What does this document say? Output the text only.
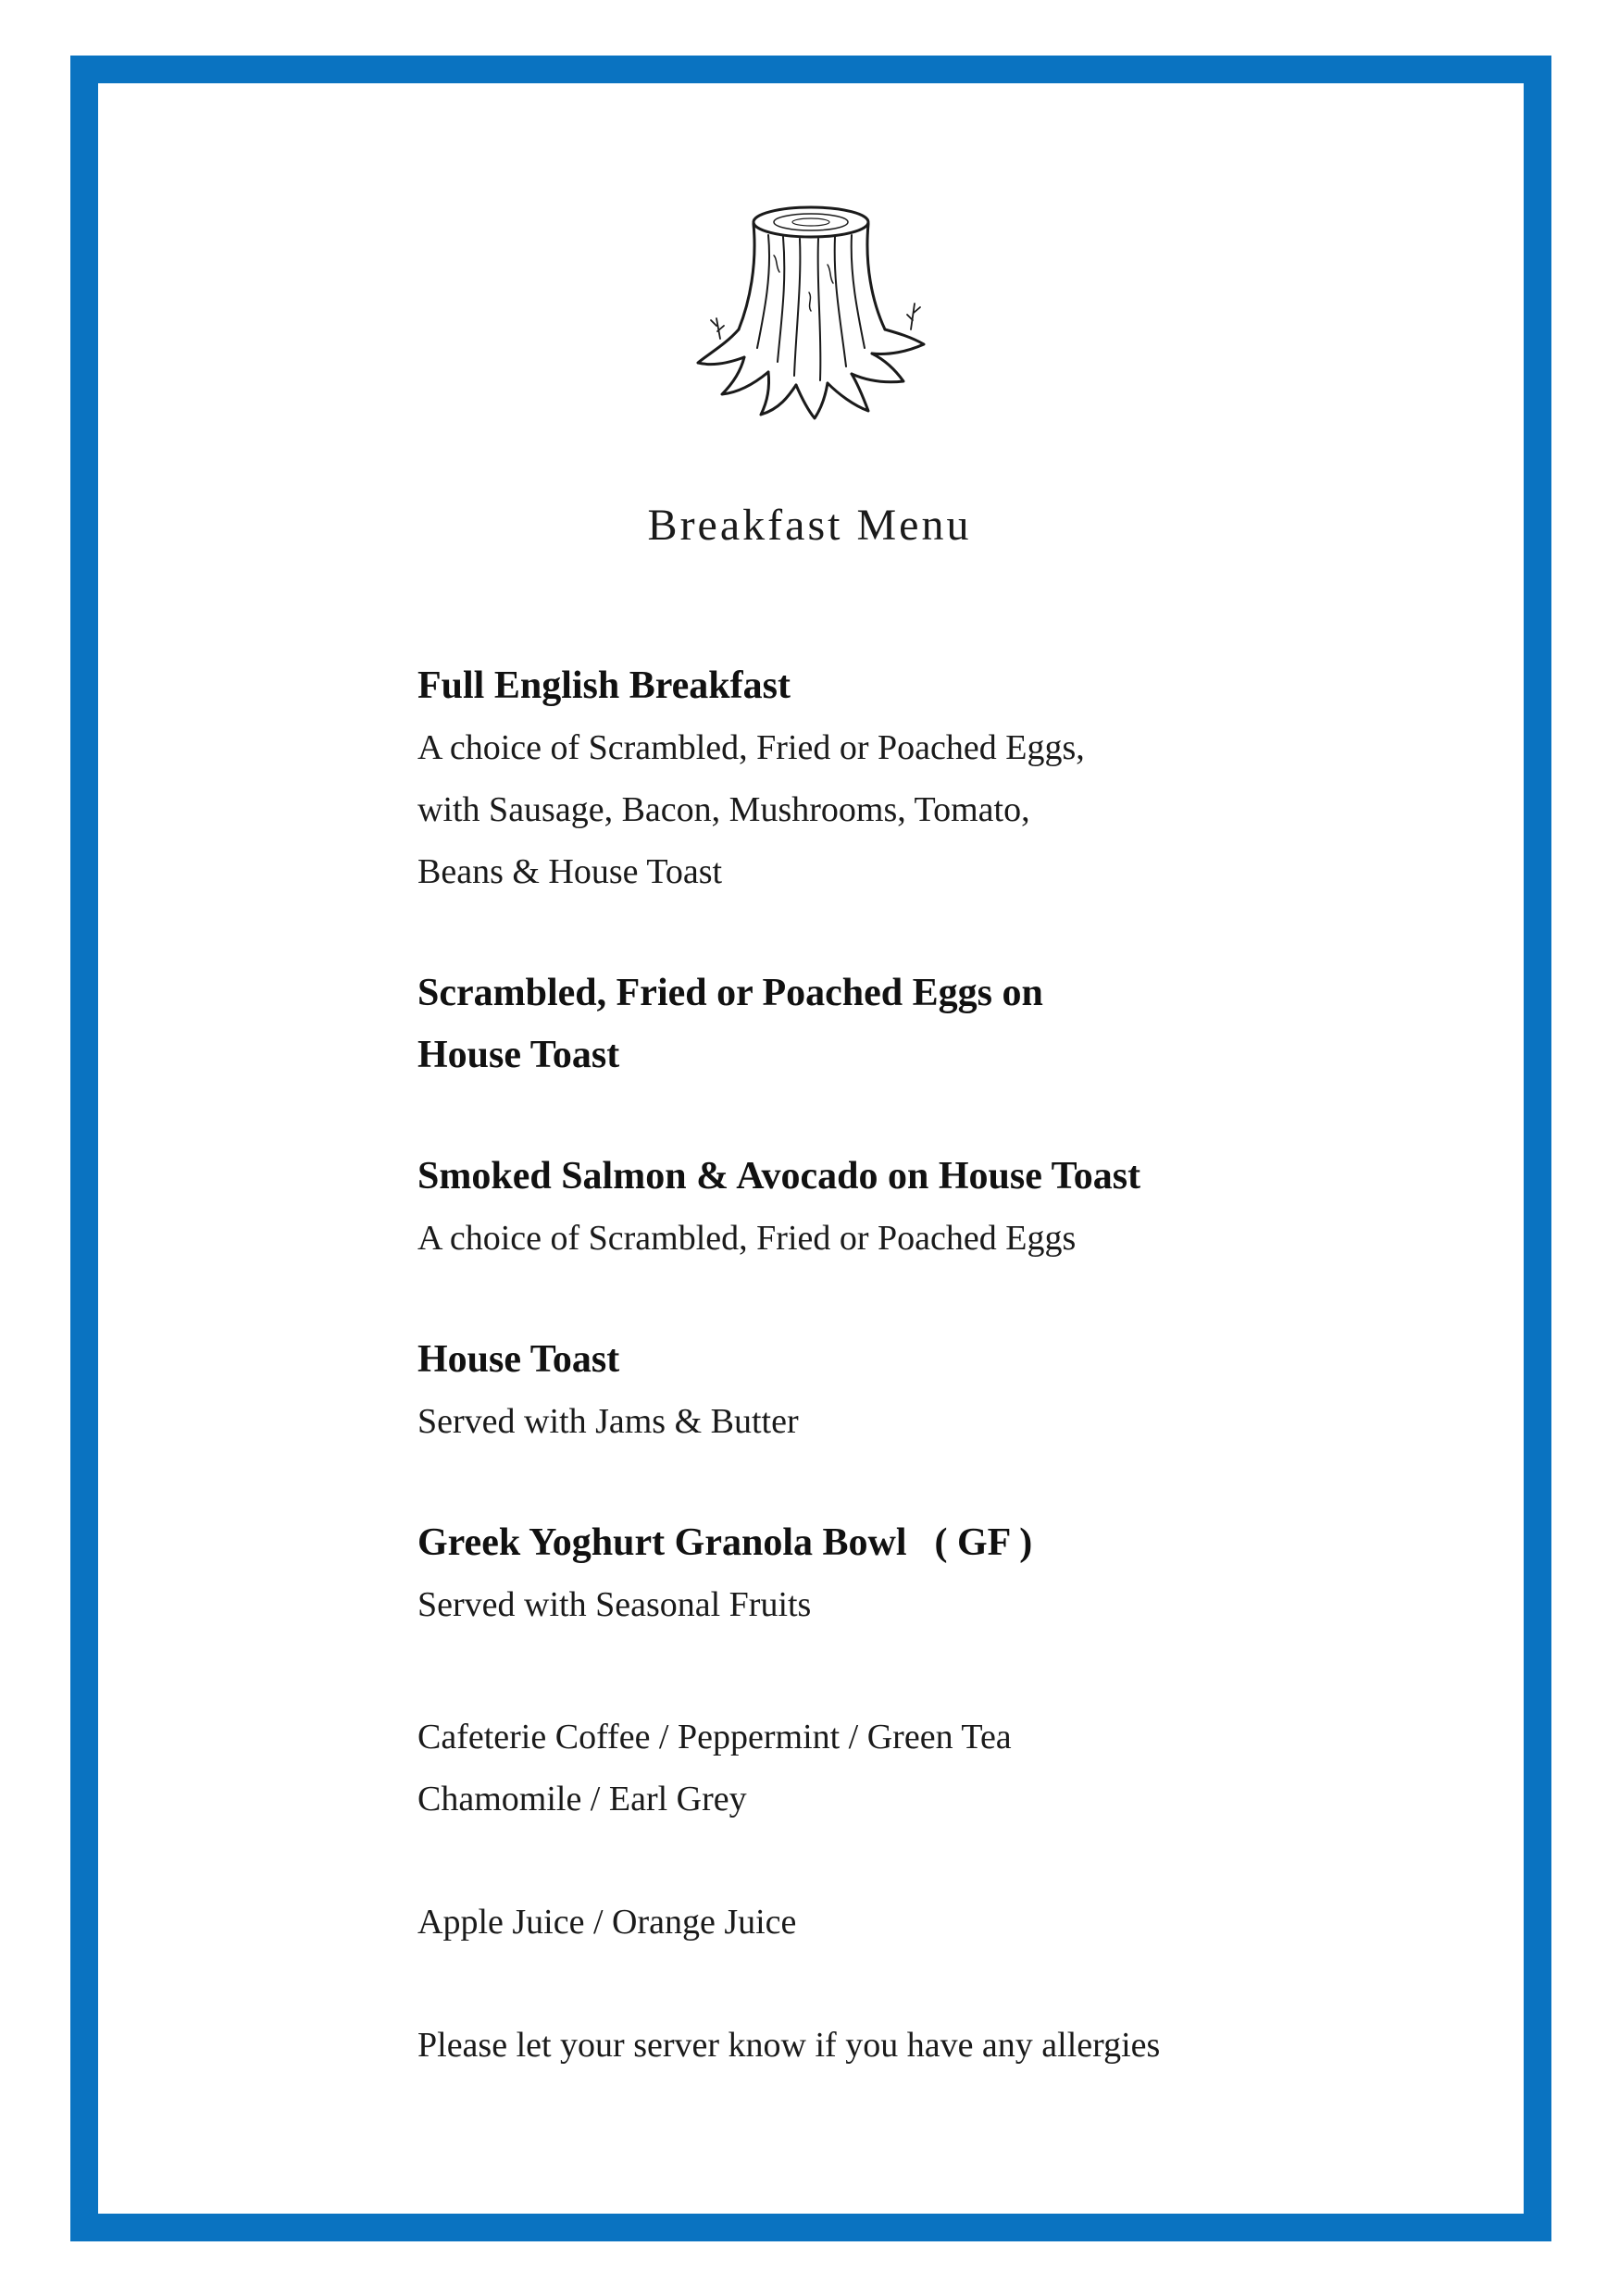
Breakfast Menu
Full English Breakfast
A choice of Scrambled, Fried or Poached Eggs,
with Sausage, Bacon, Mushrooms, Tomato,
Beans & House Toast
Scrambled, Fried or Poached Eggs on
House Toast
Smoked Salmon & Avocado on House Toast
A choice of Scrambled, Fried or Poached Eggs
House Toast
Served with Jams & Butter
Greek Yoghurt Granola Bowl ( GF )
Served with Seasonal Fruits
Cafeterie Coffee / Peppermint / Green Tea
Chamomile / Earl Grey
Apple Juice / Orange Juice
Please let your server know if you have any allergies
